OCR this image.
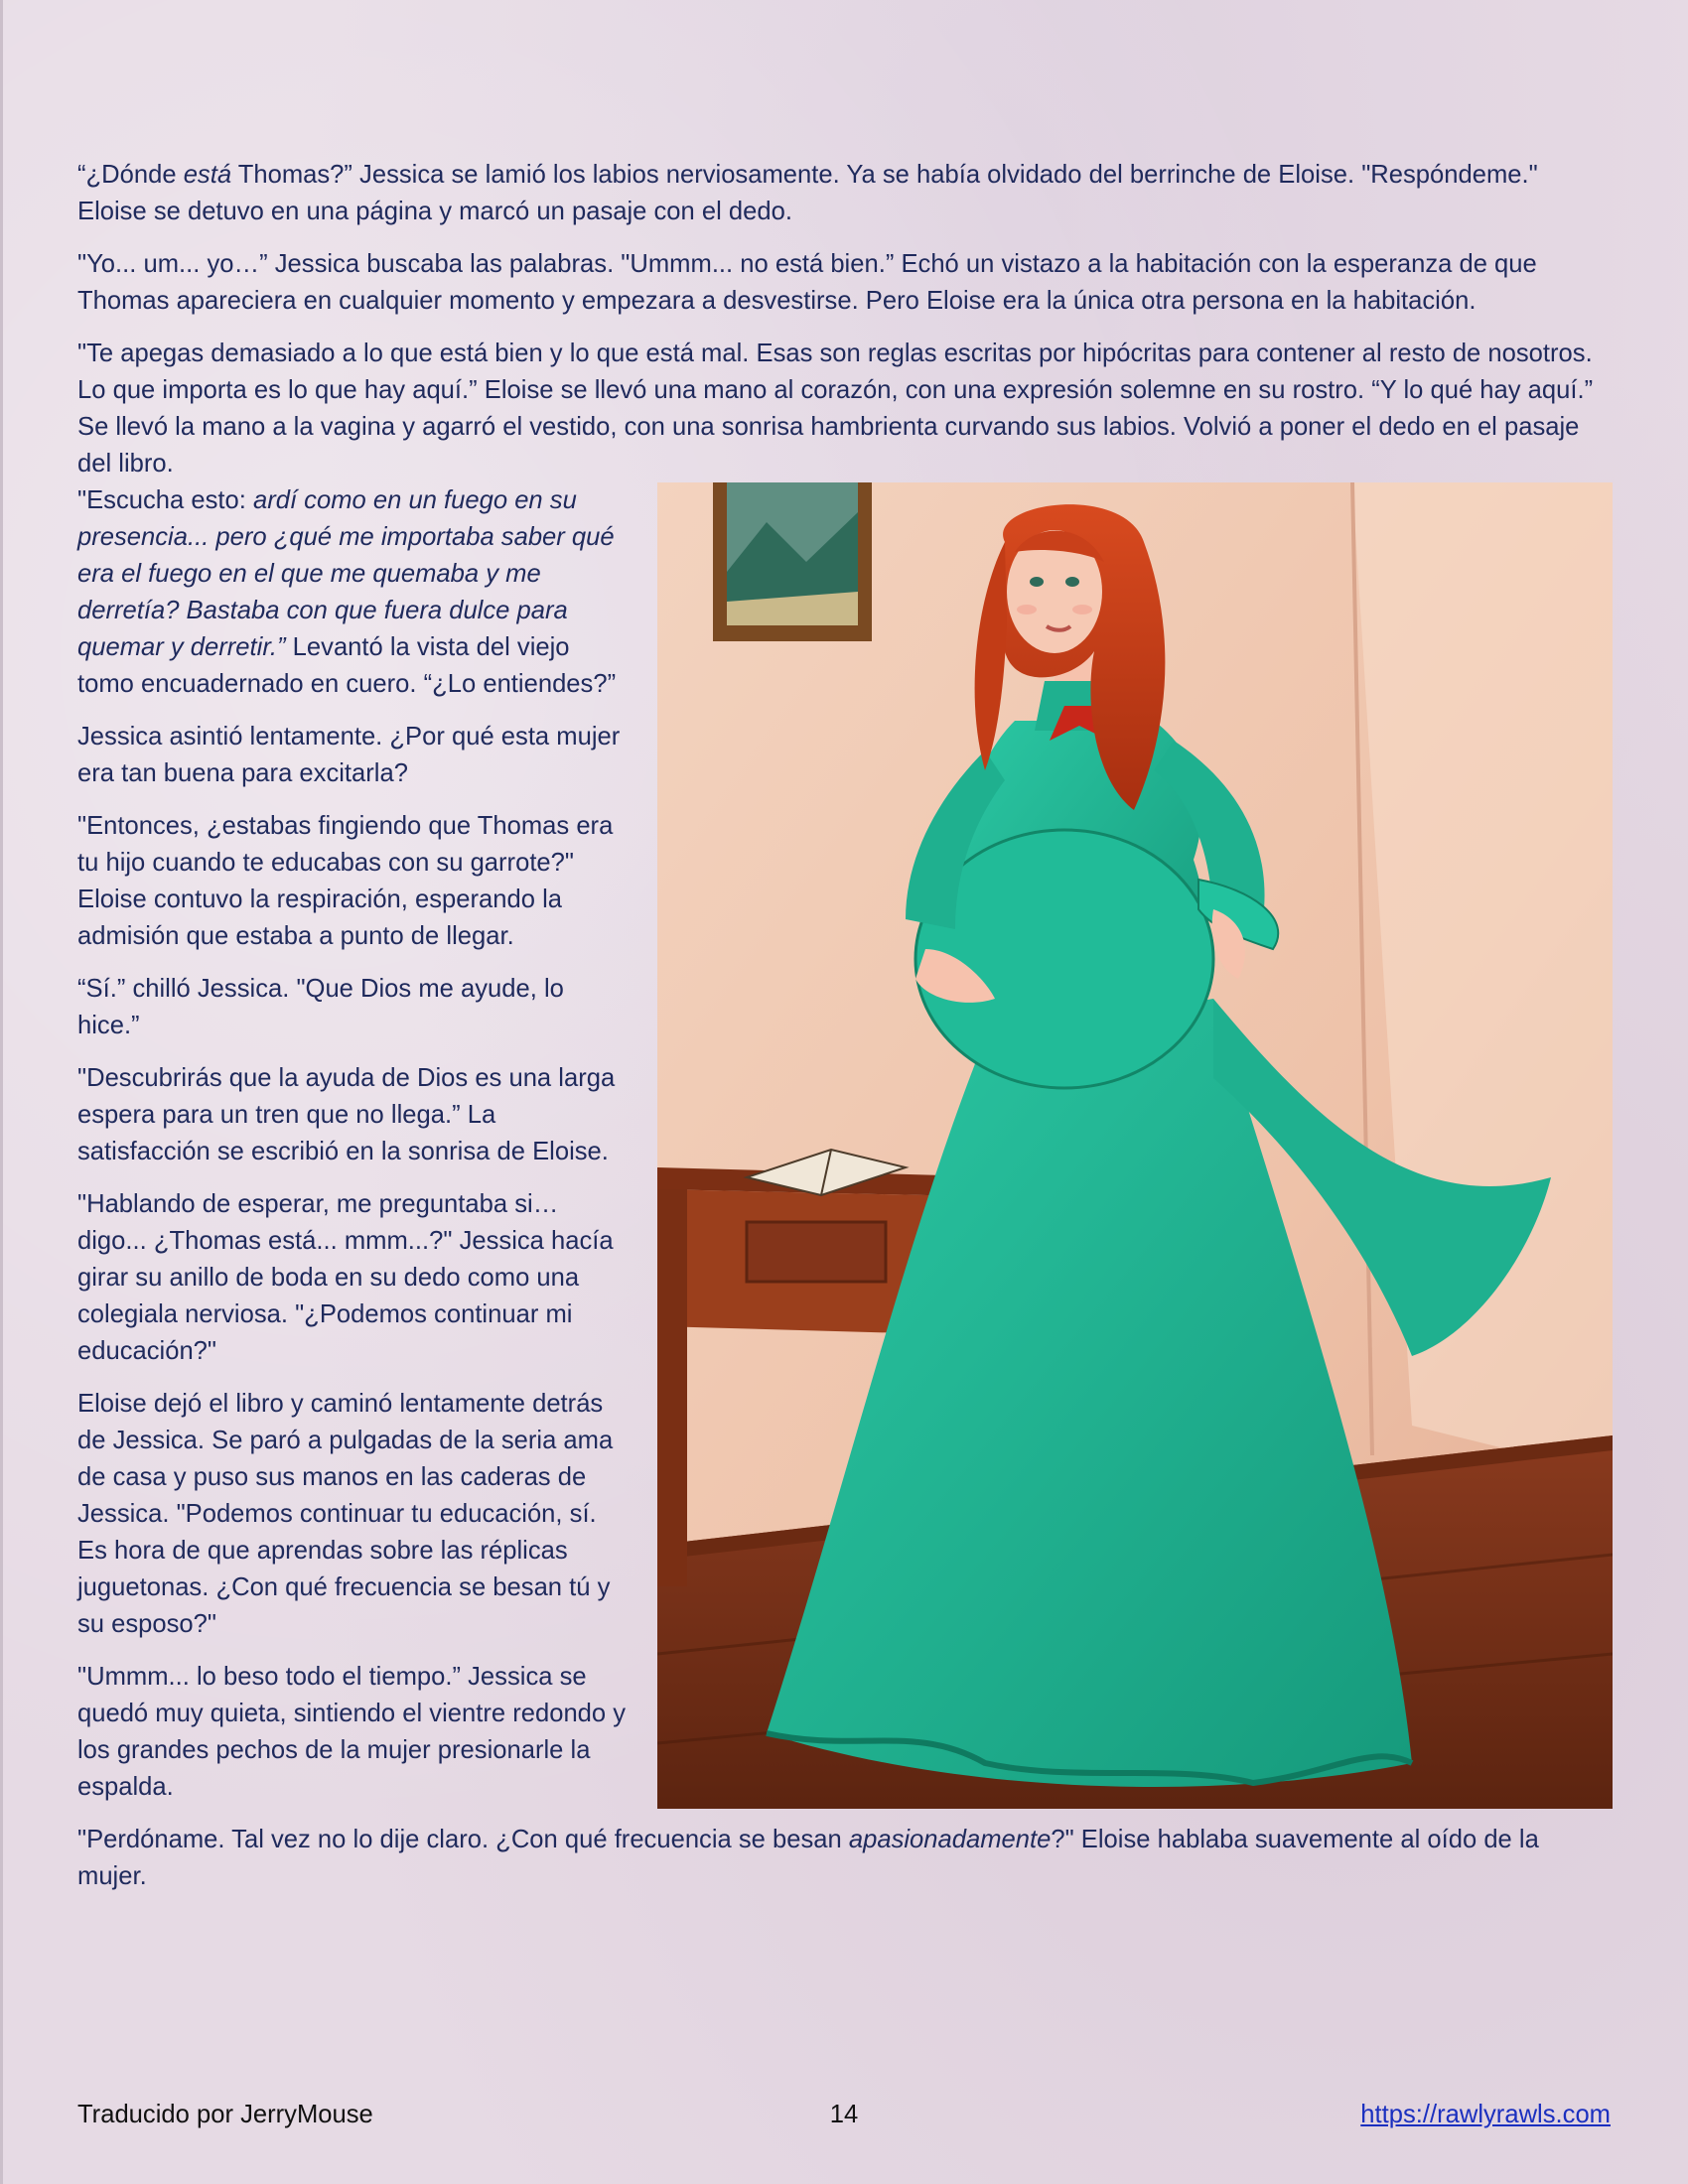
“¿Dónde está Thomas?” Jessica se lamió los labios nerviosamente. Ya se había olvidado del berrinche de Eloise. "Respóndeme." Eloise se detuvo en una página y marcó un pasaje con el dedo.

"Yo... um... yo…” Jessica buscaba las palabras. "Ummm... no está bien.” Echó un vistazo a la habitación con la esperanza de que Thomas apareciera en cualquier momento y empezara a desvestirse. Pero Eloise era la única otra persona en la habitación.

"Te apegas demasiado a lo que está bien y lo que está mal. Esas son reglas escritas por hipócritas para contener al resto de nosotros. Lo que importa es lo que hay aquí.” Eloise se llevó una mano al corazón, con una expresión solemne en su rostro. “Y lo qué hay aquí.” Se llevó la mano a la vagina y agarró el vestido, con una sonrisa hambrienta curvando sus labios. Volvió a poner el dedo en el pasaje del libro.

"Escucha esto: ardí como en un fuego en su presencia... pero ¿qué me importaba saber qué era el fuego en el que me quemaba y me derretía? Bastaba con que fuera dulce para quemar y derretir.” Levantó la vista del viejo tomo encuadernado en cuero. “¿Lo entiendes?”

Jessica asintió lentamente. ¿Por qué esta mujer era tan buena para excitarla?

"Entonces, ¿estabas fingiendo que Thomas era tu hijo cuando te educabas con su garrote?" Eloise contuvo la respiración, esperando la admisión que estaba a punto de llegar.

“Sí.” chilló Jessica. "Que Dios me ayude, lo hice.”

"Descubrirás que la ayuda de Dios es una larga espera para un tren que no llega.” La satisfacción se escribió en la sonrisa de Eloise.

"Hablando de esperar, me preguntaba si… digo... ¿Thomas está... mmm...?" Jessica hacía girar su anillo de boda en su dedo como una colegiala nerviosa. "¿Podemos continuar mi educación?"

Eloise dejó el libro y caminó lentamente detrás de Jessica. Se paró a pulgadas de la seria ama de casa y puso sus manos en las caderas de Jessica. "Podemos continuar tu educación, sí. Es hora de que aprendas sobre las réplicas juguetonas. ¿Con qué frecuencia se besan tú y su esposo?"

"Ummm... lo beso todo el tiempo.” Jessica se quedó muy quieta, sintiendo el vientre redondo y los grandes pechos de la mujer presionarle la espalda.

"Perdóname. Tal vez no lo dije claro. ¿Con qué frecuencia se besan apasionadamente?" Eloise hablaba suavemente al oído de la mujer.

14
Traducido por JerryMouse	https://rawlyrawls.com
